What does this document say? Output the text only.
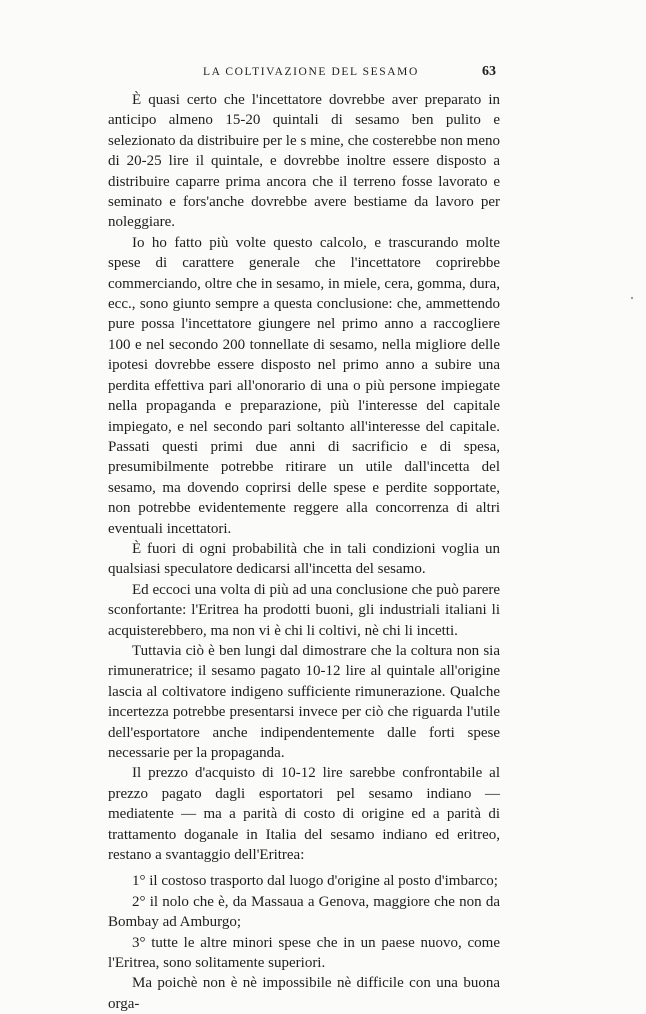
LA COLTIVAZIONE DEL SESAMO	63

È quasi certo che l'incettatore dovrebbe aver preparato in anticipo almeno 15-20 quintali di sesamo ben pulito e selezionato da distribuire per le s mine, che costerebbe non meno di 20-25 lire il quintale, e dovrebbe inoltre essere disposto a distribuire caparre prima ancora che il terreno fosse lavorato e seminato e fors'anche dovrebbe avere bestiame da lavoro per noleggiare.

Io ho fatto più volte questo calcolo, e trascurando molte spese di carattere generale che l'incettatore coprirebbe commerciando, oltre che in sesamo, in miele, cera, gomma, dura, ecc., sono giunto sempre a questa conclusione: che, ammettendo pure possa l'incettatore giungere nel primo anno a raccogliere 100 e nel secondo 200 tonnellate di sesamo, nella migliore delle ipotesi dovrebbe essere disposto nel primo anno a subire una perdita effettiva pari all'onorario di una o più persone impiegate nella propaganda e preparazione, più l'interesse del capitale impiegato, e nel secondo pari soltanto all'interesse del capitale. Passati questi primi due anni di sacrificio e di spesa, presumibilmente potrebbe ritirare un utile dall'incetta del sesamo, ma dovendo coprirsi delle spese e perdite sopportate, non potrebbe evidentemente reggere alla concorrenza di altri eventuali incettatori.

È fuori di ogni probabilità che in tali condizioni voglia un qualsiasi speculatore dedicarsi all'incetta del sesamo.

Ed eccoci una volta di più ad una conclusione che può parere sconfortante: l'Eritrea ha prodotti buoni, gli industriali italiani li acquisterebbero, ma non vi è chi li coltivi, nè chi li incetti.

Tuttavia ciò è ben lungi dal dimostrare che la coltura non sia rimuneratrice; il sesamo pagato 10-12 lire al quintale all'origine lascia al coltivatore indigeno sufficiente rimunerazione. Qualche incertezza potrebbe presentarsi invece per ciò che riguarda l'utile dell'esportatore anche indipendentemente dalle forti spese necessarie per la propaganda.

Il prezzo d'acquisto di 10-12 lire sarebbe confrontabile al prezzo pagato dagli esportatori pel sesamo indiano — mediatente — ma a parità di costo di origine ed a parità di trattamento doganale in Italia del sesamo indiano ed eritreo, restano a svantaggio dell'Eritrea:

1° il costoso trasporto dal luogo d'origine al posto d'imbarco;

2° il nolo che è, da Massaua a Genova, maggiore che non da Bombay ad Amburgo;

3° tutte le altre minori spese che in un paese nuovo, come l'Eritrea, sono solitamente superiori.

Ma poichè non è nè impossibile nè difficile con una buona orga-
